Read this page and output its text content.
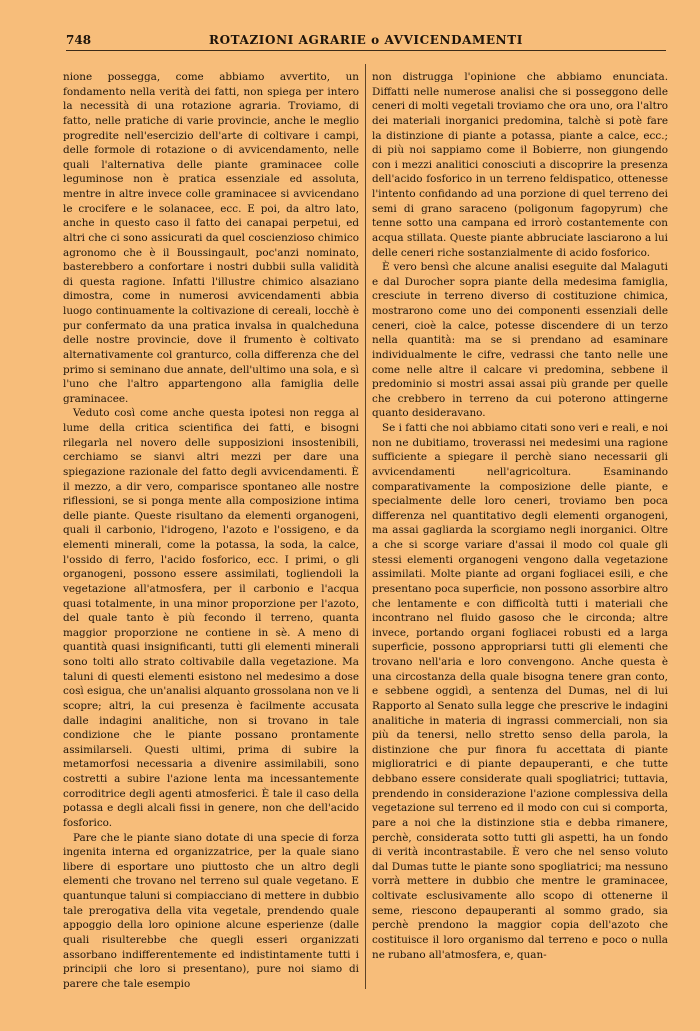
748	ROTAZIONI AGRARIE o AVVICENDAMENTI

nione possegga, come abbiamo avvertito, un fondamento nella verità dei fatti, non spiega per intero la necessità di una rotazione agraria. Troviamo, di fatto, nelle pratiche di varie provincie, anche le meglio progredite nell'esercizio dell'arte di coltivare i campi, delle formole di rotazione o di avvicendamento, nelle quali l'alternativa delle piante graminacee colle leguminose non è pratica essenziale ed assoluta, mentre in altre invece colle graminacee si avvicendano le crocifere e le solanacee, ecc. E poi, da altro lato, anche in questo caso il fatto dei canapai perpetui, ed altri che ci sono assicurati da quel coscienzioso chimico agronomo che è il Boussingault, poc'anzi nominato, basterebbero a confortare i nostri dubbii sulla validità di questa ragione. Infatti l'illustre chimico alsaziano dimostra, come in numerosi avvicendamenti abbia luogo continuamente la coltivazione di cereali, locchè è pur confermato da una pratica invalsa in qualcheduna delle nostre provincie, dove il frumento è coltivato alternativamente col granturco, colla differenza che del primo si seminano due annate, dell'ultimo una sola, e sì l'uno che l'altro appartengono alla famiglia delle graminacee.

Veduto così come anche questa ipotesi non regga al lume della critica scientifica dei fatti, e bisogni rilegarla nel novero delle supposizioni insostenibili, cerchiamo se sianvi altri mezzi per dare una spiegazione razionale del fatto degli avvicendamenti. È il mezzo, a dir vero, comparisce spontaneo alle nostre riflessioni, se si ponga mente alla composizione intima delle piante. Queste risultano da elementi organogeni, quali il carbonio, l'idrogeno, l'azoto e l'ossigeno, e da elementi minerali, come la potassa, la soda, la calce, l'ossido di ferro, l'acido fosforico, ecc. I primi, o gli organogeni, possono essere assimilati, togliendoli la vegetazione all'atmosfera, per il carbonio e l'acqua quasi totalmente, in una minor proporzione per l'azoto, del quale tanto è più fecondo il terreno, quanta maggior proporzione ne contiene in sè. A meno di quantità quasi insignificanti, tutti gli elementi minerali sono tolti allo strato coltivabile dalla vegetazione. Ma taluni di questi elementi esistono nel medesimo a dose così esigua, che un'analisi alquanto grossolana non ve li scopre; altri, la cui presenza è facilmente accusata dalle indagini analitiche, non si trovano in tale condizione che le piante possano prontamente assimilarseli. Questi ultimi, prima di subire la metamorfosi necessaria a divenire assimilabili, sono costretti a subire l'azione lenta ma incessantemente corroditrice degli agenti atmosferici. È tale il caso della potassa e degli alcali fissi in genere, non che dell'acido fosforico.

Pare che le piante siano dotate di una specie di forza ingenita interna ed organizzatrice, per la quale siano libere di esportare uno piuttosto che un altro degli elementi che trovano nel terreno sul quale vegetano. E quantunque taluni si compiacciano di mettere in dubbio tale prerogativa della vita vegetale, prendendo quale appoggio della loro opinione alcune esperienze (dalle quali risulterebbe che quegli esseri organizzati assorbano indifferentemente ed indistintamente tutti i principii che loro si presentano), pure noi siamo di parere che tale esempio

non distrugga l'opinione che abbiamo enunciata. Diffatti nelle numerose analisi che si posseggono delle ceneri di molti vegetali troviamo che ora uno, ora l'altro dei materiali inorganici predomina, talchè si potè fare la distinzione di piante a potassa, piante a calce, ecc.; di più noi sappiamo come il Bobierre, non giungendo con i mezzi analitici conosciuti a discoprire la presenza dell'acido fosforico in un terreno feldispatico, ottenesse l'intento confidando ad una porzione di quel terreno dei semi di grano saraceno (poligonum fagopyrum) che tenne sotto una campana ed irrorò costantemente con acqua stillata. Queste piante abbruciate lasciarono a lui delle ceneri riche sostanzialmente di acido fosforico.

È vero bensì che alcune analisi eseguite dal Malaguti e dal Durocher sopra piante della medesima famiglia, cresciute in terreno diverso di costituzione chimica, mostrarono come uno dei componenti essenziali delle ceneri, cioè la calce, potesse discendere di un terzo nella quantità: ma se si prendano ad esaminare individualmente le cifre, vedrassi che tanto nelle une come nelle altre il calcare vi predomina, sebbene il predominio si mostri assai assai più grande per quelle che crebbero in terreno da cui poterono attingerne quanto desideravano.

Se i fatti che noi abbiamo citati sono veri e reali, e noi non ne dubitiamo, troverassi nei medesimi una ragione sufficiente a spiegare il perchè siano necessarii gli avvicendamenti nell'agricoltura. Esaminando comparativamente la composizione delle piante, e specialmente delle loro ceneri, troviamo ben poca differenza nel quantitativo degli elementi organogeni, ma assai gagliarda la scorgiamo negli inorganici. Oltre a che si scorge variare d'assai il modo col quale gli stessi elementi organogeni vengono dalla vegetazione assimilati. Molte piante ad organi fogliacei esili, e che presentano poca superficie, non possono assorbire altro che lentamente e con difficoltà tutti i materiali che incontrano nel fluido gasoso che le circonda; altre invece, portando organi fogliacei robusti ed a larga superficie, possono appropriarsi tutti gli elementi che trovano nell'aria e loro convengono. Anche questa è una circostanza della quale bisogna tenere gran conto, e sebbene oggidì, a sentenza del Dumas, nel di lui Rapporto al Senato sulla legge che prescrive le indagini analitiche in materia di ingrassi commerciali, non sia più da tenersi, nello stretto senso della parola, la distinzione che pur finora fu accettata di piante miglioratrici e di piante depauperanti, e che tutte debbano essere considerate quali spogliatrici; tuttavia, prendendo in considerazione l'azione complessiva della vegetazione sul terreno ed il modo con cui si comporta, pare a noi che la distinzione stia e debba rimanere, perchè, considerata sotto tutti gli aspetti, ha un fondo di verità incontrastabile. È vero che nel senso voluto dal Dumas tutte le piante sono spogliatrici; ma nessuno vorrà mettere in dubbio che mentre le graminacee, coltivate esclusivamente allo scopo di ottenerne il seme, riescono depauperanti al sommo grado, sia perchè prendono la maggior copia dell'azoto che costituisce il loro organismo dal terreno e poco o nulla ne rubano all'atmosfera, e, quan-
